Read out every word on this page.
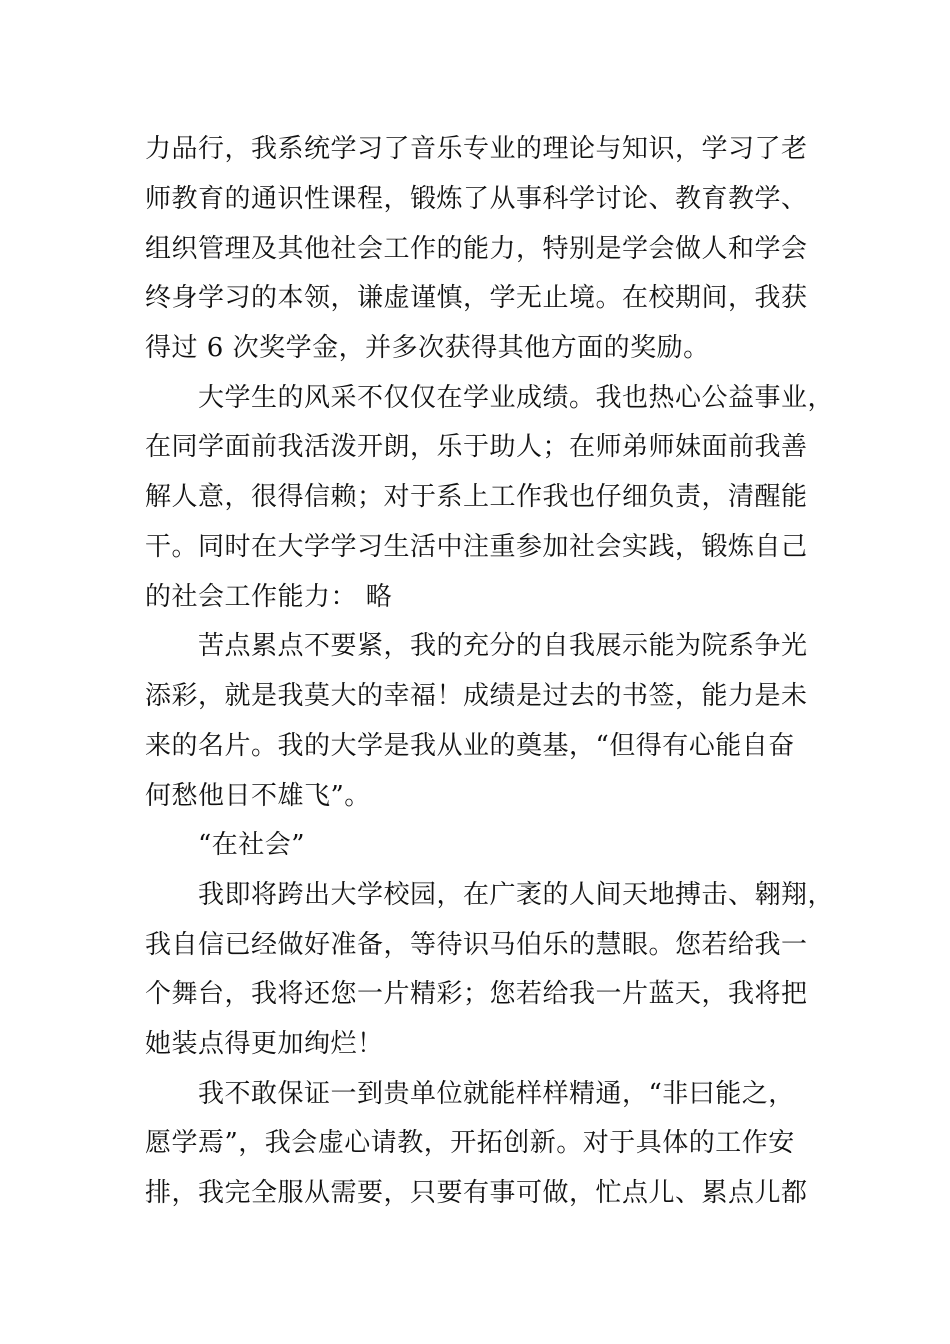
力品行，我系统学习了音乐专业的理论与知识，学习了老
师教育的通识性课程，锻炼了从事科学讨论、教育教学、
组织管理及其他社会工作的能力，特别是学会做人和学会
终身学习的本领，谦虚谨慎，学无止境。在校期间，我获
得过 6 次奖学金，并多次获得其他方面的奖励。
大学生的风采不仅仅在学业成绩。我也热心公益事业，
在同学面前我活泼开朗，乐于助人；在师弟师妹面前我善
解人意，很得信赖；对于系上工作我也仔细负责，清醒能
干。同时在大学学习生活中注重参加社会实践，锻炼自己
的社会工作能力： 略
苦点累点不要紧，我的充分的自我展示能为院系争光
添彩，就是我莫大的幸福！成绩是过去的书签，能力是未
来的名片。我的大学是我从业的奠基，“但得有心能自奋
何愁他日不雄飞”。
“在社会”
我即将跨出大学校园，在广袤的人间天地搏击、翱翔，
我自信已经做好准备，等待识马伯乐的慧眼。您若给我一
个舞台，我将还您一片精彩；您若给我一片蓝天，我将把
她装点得更加绚烂！
我不敢保证一到贵单位就能样样精通，“非曰能之，
愿学焉”，我会虚心请教，开拓创新。对于具体的工作安
排，我完全服从需要，只要有事可做，忙点儿、累点儿都
